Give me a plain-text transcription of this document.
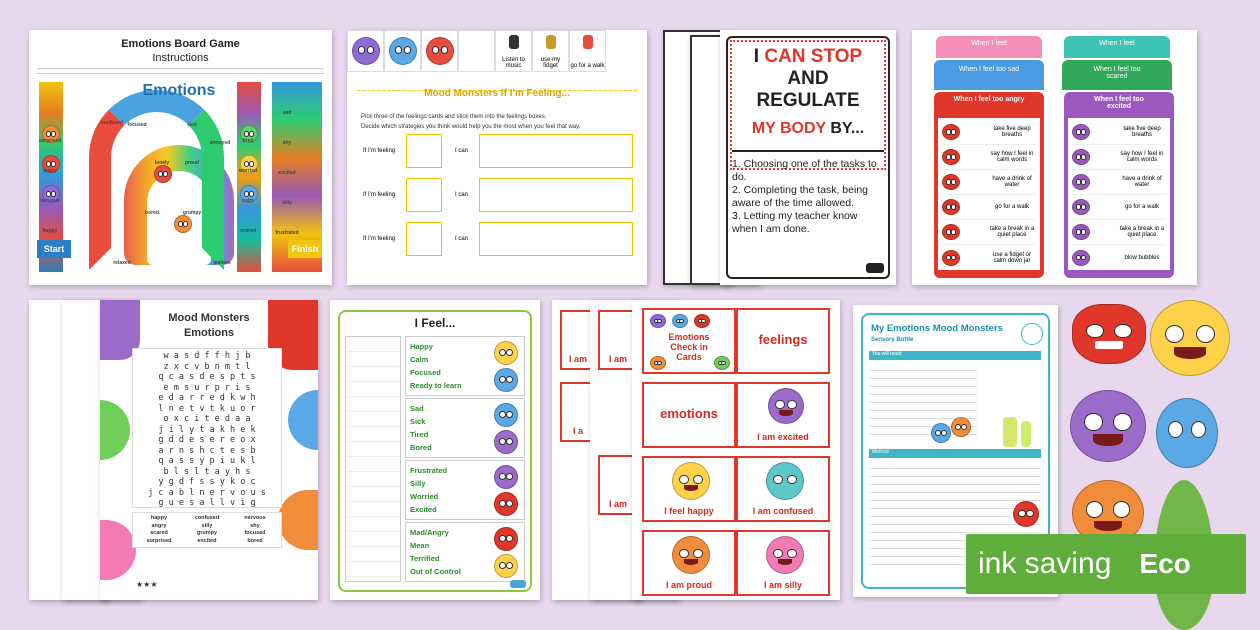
Emotions Board Game
Instructions
Emotions
Start	Finish
surprised
angry
nervous
happy
tired
worried
calm
scared
sad
shy
excited
silly
frustrated
confused focused	sick
annoyed
lonely	proud
bored	grumpy
relaxed	jealous
Listen to music
use my fidget	go for a walk
Mood Monsters If I'm Feeling...
Pick three of the feelings cards and stick them into the feelings boxes.
Decide which strategies you think would help you the most when you feel that way.
If I'm feeling	I can
If I'm feeling	I can
If I'm feeling	I can
I CAN STOP
AND
REGULATE
MY BODY BY...
1. Choosing one of the tasks to do.
2. Completing the task, being aware of the time allowed.
3. Letting my teacher know when I am done.
When I feel	When I feel
When I feel too sad	When I feel too scared
When I feel too angry
take five deep breaths
say how I feel in calm words
have a drink of water
go for a walk
take a break in a quiet place
use a fidget or calm down jar
When I feel too excited
take five deep breaths
say how I feel in calm words
have a drink of water
go for a walk
take a break in a quiet place
blow bubbles
Mood Monsters
Emotions
w a s d f f h j b
z x c v b n m t l
q c a s d e s p t s
e m s u r p r i s
e d a r r e d k w h
l n e t v t k u o r
o x c i t e d a a
j i l y t a k h e k
g d d e s e r e o x
a r n s h c t e s b
q a s s y p i u k l
b l s l t a y h s
y g d f s s y k o c
j c a b l n e r v o u s
g u e s a l l v i g
happy	confused	nervous
angry	silly	shy
scared	grumpy	focused
surprised	excited	bored
★★★
I Feel...
Happy
Calm
Focused
Ready to learn
Sad
Sick
Tired
Bored
Frustrated
Silly
Worried
Excited
Mad/Angry
Mean
Terrified
Out of Control
I am
I a
I am
I am
Emotions Check in Cards
feelings
emotions
I am excited
I feel happy	I am confused
I am proud	I am silly
My Emotions Mood Monsters
Sensory Bottle
You will need:
Method
ink saving Eco
